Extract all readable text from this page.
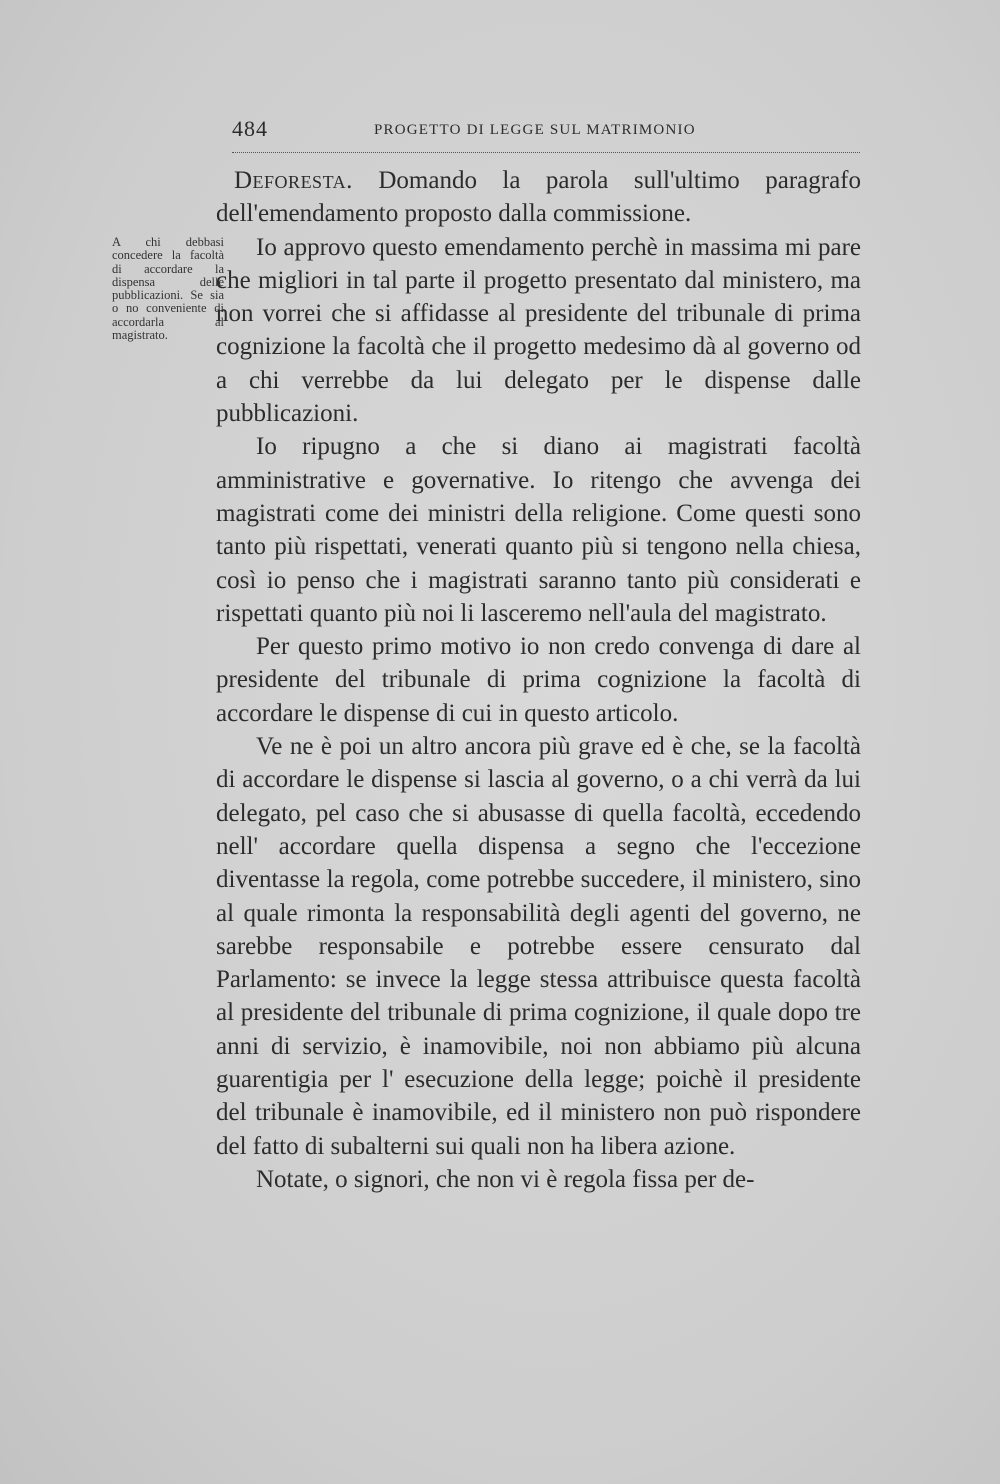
484	PROGETTO DI LEGGE SUL MATRIMONIO
A chi debbasi concedere la facoltà di accordare la dispensa delle pubblicazioni. Se sia o no conveniente di accordarla al magistrato.

Deforesta. Domando la parola sull'ultimo paragrafo dell'emendamento proposto dalla commissione.

Io approvo questo emendamento perchè in massima mi pare che migliori in tal parte il progetto presentato dal ministero, ma non vorrei che si affidasse al presidente del tribunale di prima cognizione la facoltà che il progetto medesimo dà al governo od a chi verrebbe da lui delegato per le dispense dalle pubblicazioni.

Io ripugno a che si diano ai magistrati facoltà amministrative e governative. Io ritengo che avvenga dei magistrati come dei ministri della religione. Come questi sono tanto più rispettati, venerati quanto più si tengono nella chiesa, così io penso che i magistrati saranno tanto più considerati e rispettati quanto più noi li lasceremo nell'aula del magistrato.

Per questo primo motivo io non credo convenga di dare al presidente del tribunale di prima cognizione la facoltà di accordare le dispense di cui in questo articolo.

Ve ne è poi un altro ancora più grave ed è che, se la facoltà di accordare le dispense si lascia al governo, o a chi verrà da lui delegato, pel caso che si abusasse di quella facoltà, eccedendo nell' accordare quella dispensa a segno che l'eccezione diventasse la regola, come potrebbe succedere, il ministero, sino al quale rimonta la responsabilità degli agenti del governo, ne sarebbe responsabile e potrebbe essere censurato dal Parlamento: se invece la legge stessa attribuisce questa facoltà al presidente del tribunale di prima cognizione, il quale dopo tre anni di servizio, è inamovibile, noi non abbiamo più alcuna guarentigia per l' esecuzione della legge; poichè il presidente del tribunale è inamovibile, ed il ministero non può rispondere del fatto di subalterni sui quali non ha libera azione.

Notate, o signori, che non vi è regola fissa per de-
